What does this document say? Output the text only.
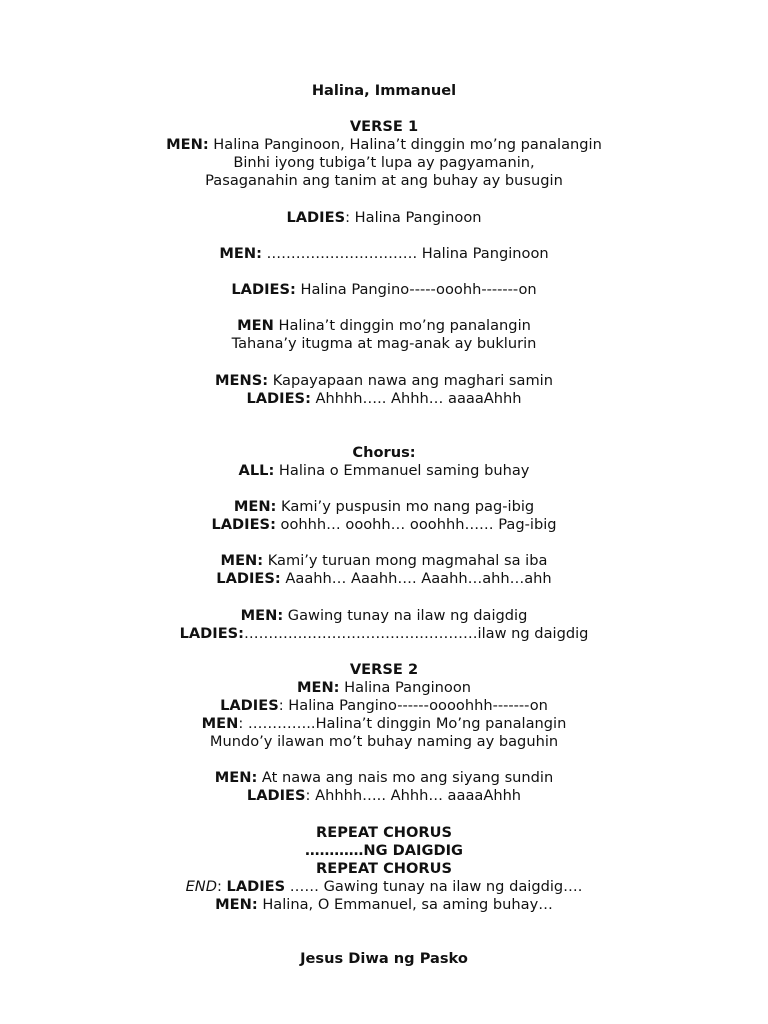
Halina, Immanuel
VERSE 1
MEN: Halina Panginoon, Halina’t dinggin mo’ng panalangin
Binhi iyong tubiga’t lupa ay pagyamanin,
Pasaganahin ang tanim at ang buhay ay busugin
LADIES: Halina Panginoon
MEN: …………………………. Halina Panginoon
LADIES: Halina Pangino-----ooohh-------on
MEN Halina’t dinggin mo’ng panalangin
Tahana’y itugma at mag-anak ay buklurin
MENS: Kapayapaan nawa ang maghari samin
LADIES: Ahhhh….. Ahhh… aaaaAhhh
Chorus:
ALL: Halina o Emmanuel saming buhay
MEN: Kami’y puspusin mo nang pag-ibig
LADIES: oohhh… ooohh… ooohhh…… Pag-ibig
MEN: Kami’y turuan mong magmahal sa iba
LADIES: Aaahh… Aaahh…. Aaahh…ahh…ahh
MEN: Gawing tunay na ilaw ng daigdig
LADIES:…………………………………………ilaw ng daigdig
VERSE 2
MEN: Halina Panginoon
LADIES: Halina Pangino------oooohhh-------on
MEN: …………..Halina’t dinggin Mo’ng panalangin
Mundo’y ilawan mo’t buhay naming ay baguhin
MEN: At nawa ang nais mo ang siyang sundin
LADIES: Ahhhh….. Ahhh… aaaaAhhh
REPEAT CHORUS
…………NG DAIGDIG
REPEAT CHORUS
END: LADIES …… Gawing tunay na ilaw ng daigdig….
MEN: Halina, O Emmanuel, sa aming buhay…
Jesus Diwa ng Pasko
